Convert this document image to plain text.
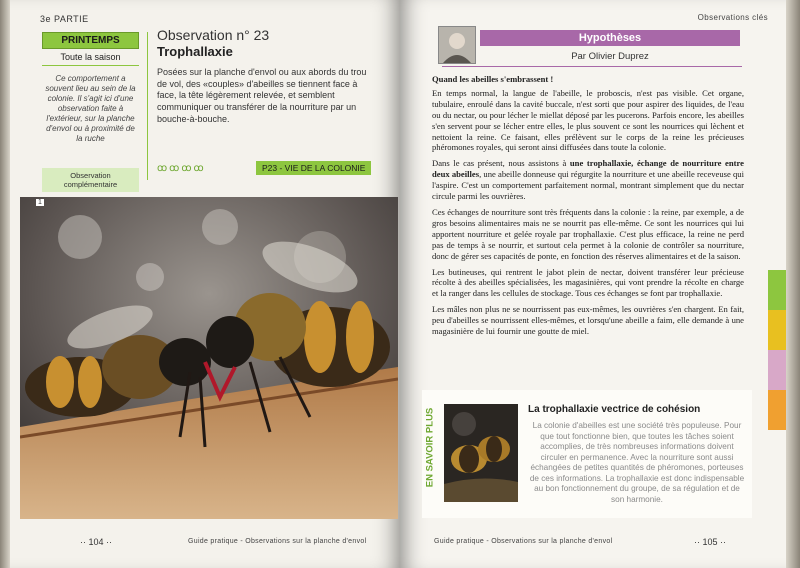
3e PARTIE
PRINTEMPS
Toute la saison
Ce comportement a souvent lieu au sein de la colonie. Il s'agit ici d'une observation faite à l'extérieur, sur la planche d'envol ou à proximité de la ruche
Observation complémentaire
Observation n° 23
Trophallaxie
Posées sur la planche d'envol ou aux abords du trou de vol, des «couples» d'abeilles se tiennent face à face, la tête légèrement relevée, et semblent communiquer ou transférer de la nourriture par un bouche-à-bouche.
ꝏꝏꝏꝏ	P23 - VIE DE LA COLONIE
1
·· 104 ··	Guide pratique - Observations sur la planche d'envol
Observations clés
Hypothèses
Par Olivier Duprez

Quand les abeilles s'embrassent !

En temps normal, la langue de l'abeille, le proboscis, n'est pas visible. Cet organe, tubulaire, enroulé dans la cavité buccale, n'est sorti que pour aspirer des liquides, de l'eau ou du nectar, ou pour lécher le miellat déposé par les pucerons. Parfois encore, les abeilles s'en servent pour se lécher entre elles, le plus souvent ce sont les nourrices qui lèchent et nettoient la reine. Ce faisant, elles prélèvent sur le corps de la reine les précieuses phéromones royales, qui seront ainsi diffusées dans toute la colonie.

Dans le cas présent, nous assistons à une trophallaxie, échange de nourriture entre deux abeilles, une abeille donneuse qui régurgite la nourriture et une abeille receveuse qui l'aspire. C'est un comportement parfaitement normal, montrant simplement que du nectar circule parmi les ouvrières.

Ces échanges de nourriture sont très fréquents dans la colonie : la reine, par exemple, a de gros besoins alimentaires mais ne se nourrit pas elle-même. Ce sont les nourrices qui lui apportent nourriture et gelée royale par trophallaxie. C'est plus efficace, la reine ne perd pas de temps à se nourrir, et surtout cela permet à la colonie de contrôler sa nourriture, donc de gérer ses capacités de ponte, en fonction des réserves alimentaires et de la saison.

Les butineuses, qui rentrent le jabot plein de nectar, doivent transférer leur précieuse récolte à des abeilles spécialisées, les magasinières, qui vont prendre la récolte en charge et la ranger dans les cellules de stockage. Tous ces échanges se font par trophallaxie.

Les mâles non plus ne se nourrissent pas eux-mêmes, les ouvrières s'en chargent. En fait, peu d'abeilles se nourrissent elles-mêmes, et lorsqu'une abeille a faim, elle demande à une magasinière de lui fournir une goutte de miel.

EN SAVOIR PLUS	La trophallaxie vectrice de cohésion
La colonie d'abeilles est une société très populeuse. Pour que tout fonctionne bien, que toutes les tâches soient accomplies, de très nombreuses informations doivent circuler en permanence. Avec la nourriture sont aussi échangées de petites quantités de phéromones, porteuses de ces informations. La trophallaxie est donc indispensable au bon fonctionnement du groupe, de sa régulation et de son harmonie.
Guide pratique - Observations sur la planche d'envol	·· 105 ··
